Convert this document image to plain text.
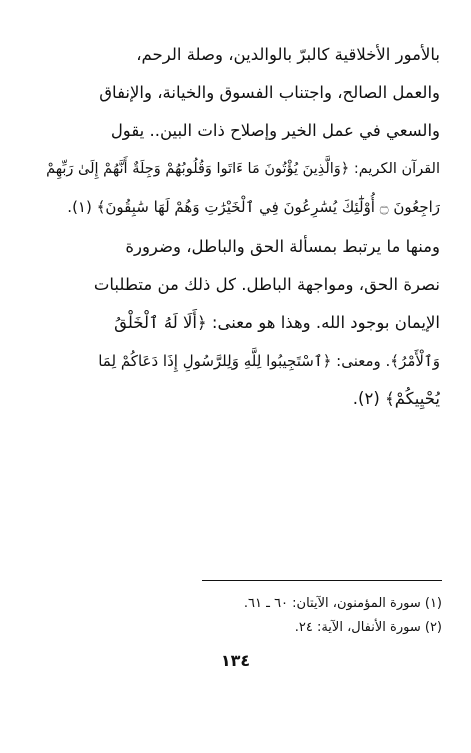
بالأمور الأخلاقية كالبرّ بالوالدين، وصلة الرحم،
والعمل الصالح، واجتناب الفسوق والخيانة، والإنفاق
والسعي في عمل الخير وإصلاح ذات البين.. يقول
القرآن الكريم: ﴿وَالَّذِينَ يُؤْتُونَ مَا ءَاتَوا وَقُلُوبُهُمْ وَجِلَةٌ أَنَّهُمْ إِلَىٰ رَبِّهِمْ
رَاجِعُونَ ۝ أُوْلَٰٓئِكَ يُسَٰرِعُونَ فِي ٱلْخَيْرَٰتِ وَهُمْ لَهَا سَٰبِقُونَ﴾ (١).
ومنها ما يرتبط بمسألة الحق والباطل، وضرورة
نصرة الحق، ومواجهة الباطل. كل ذلك من متطلبات
الإيمان بوجود الله. وهذا هو معنى: ﴿أَلَا لَهُ ٱلْخَلْقُ
وَٱلْأَمْرُ﴾. ومعنى: ﴿ٱسْتَجِيبُوا لِلَّهِ وَلِلرَّسُولِ إِذَا دَعَاكُمْ لِمَا
يُحْيِيكُمْ﴾ (٢).
(١) سورة المؤمنون، الآيتان: ٦٠ ـ ٦١.
(٢) سورة الأنفال، الآية: ٢٤.
١٣٤
